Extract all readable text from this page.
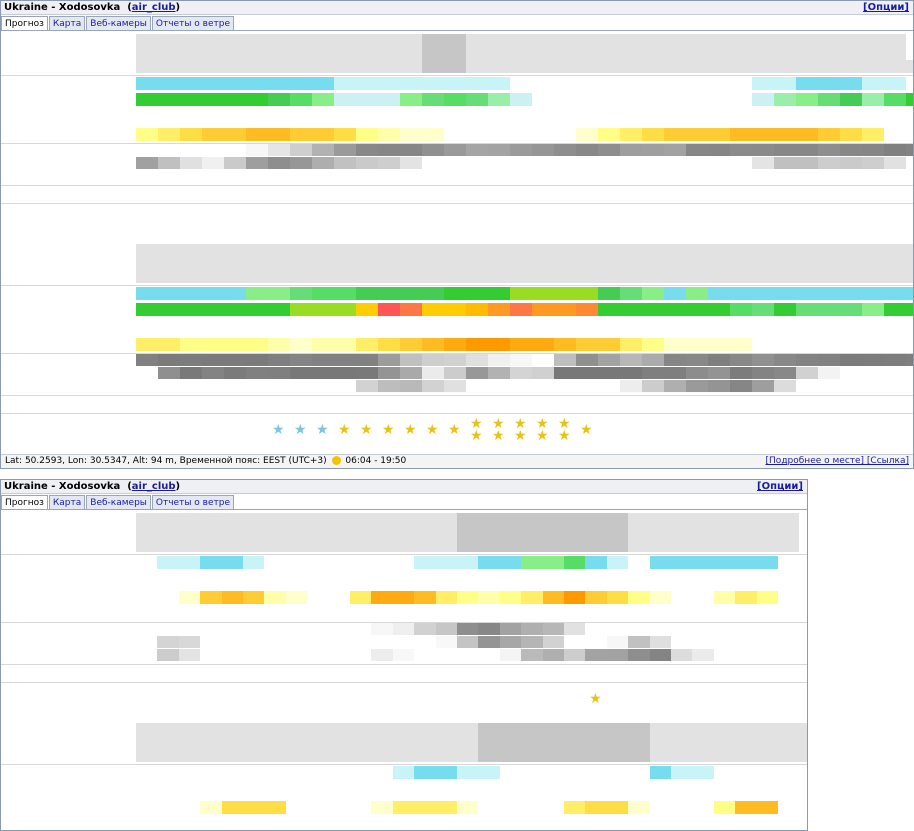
Ukraine - Xodosovka  (air_club)	[Опции]
Прогноз	Карта	Веб-камеры	Отчеты о ветре
★ ★ ★ ★ ★ ★ ★ ★ ★ ★
★
★
★
★
★
★
★
★
★ ★
Lat: 50.2593, Lon: 30.5347, Alt: 94 m, Временной пояс: EEST (UTC+3) 06:04 - 19:50	[Подробнее о месте] [Ссылка]
Ukraine - Xodosovka  (air_club)	[Опции]
Прогноз	Карта	Веб-камеры	Отчеты о ветре
★
